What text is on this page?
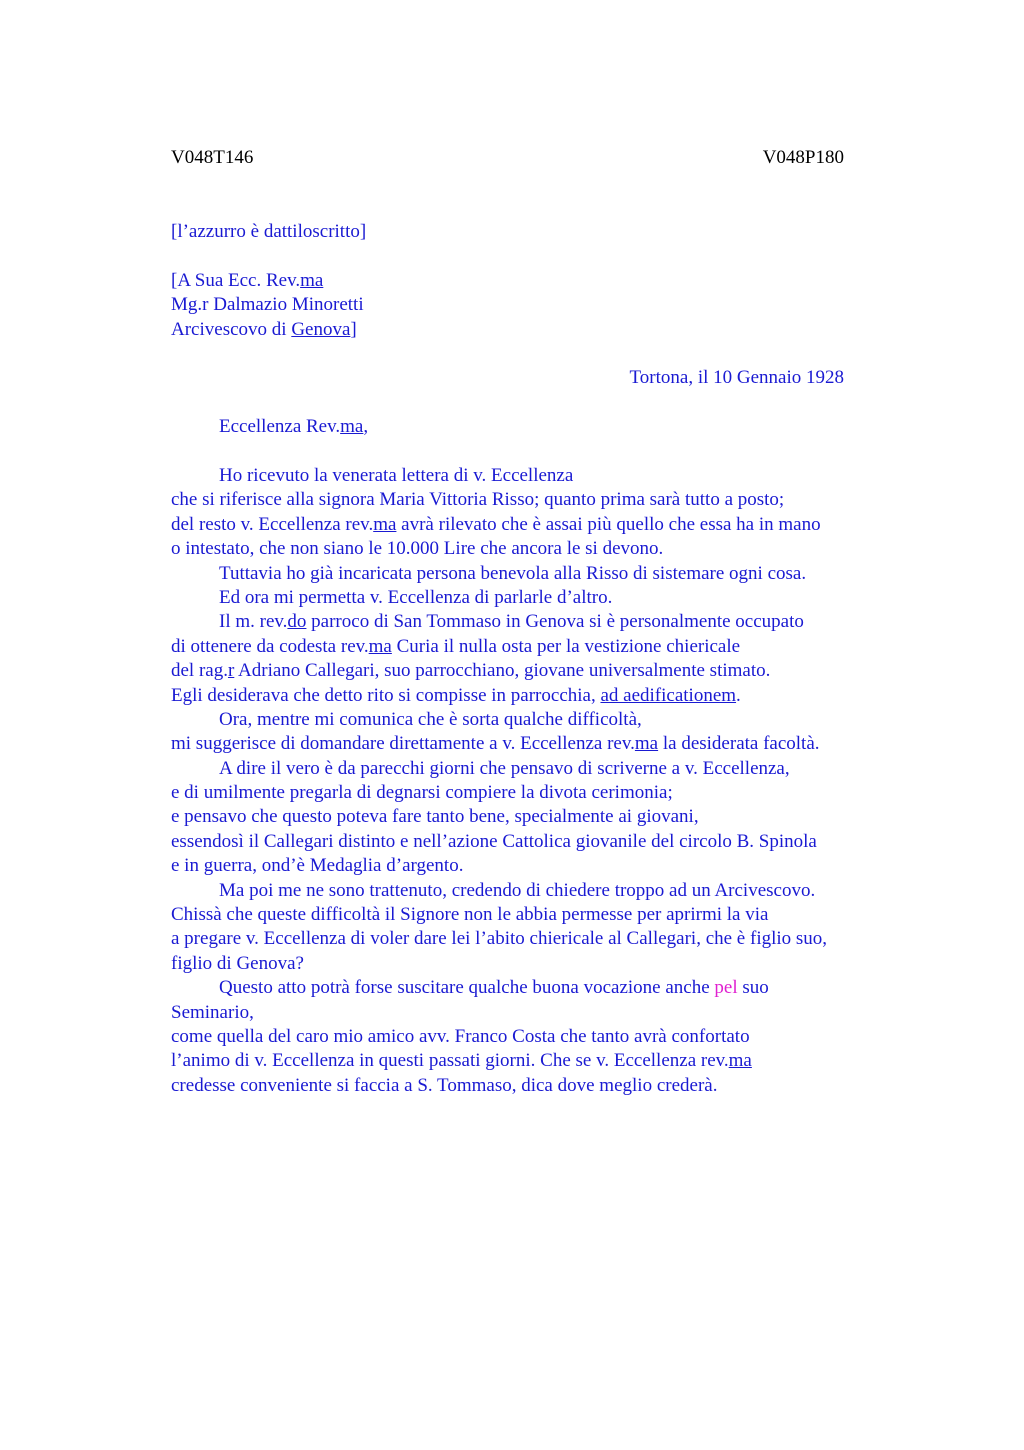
V048T146	V048P180
[l’azzurro è dattiloscritto]
[A Sua Ecc. Rev.ma
Mg.r Dalmazio Minoretti
Arcivescovo di Genova]
Tortona, il 10 Gennaio 1928
Eccellenza Rev.ma,
Ho ricevuto la venerata lettera di v. Eccellenza
che si riferisce alla signora Maria Vittoria Risso; quanto prima sarà tutto a posto;
del resto v. Eccellenza rev.ma avrà rilevato che è assai più quello che essa ha in mano
o intestato, che non siano le 10.000 Lire che ancora le si devono.
Tuttavia ho già incaricata persona benevola alla Risso di sistemare ogni cosa.
Ed ora mi permetta v. Eccellenza di parlarle d’altro.
Il m. rev.do parroco di San Tommaso in Genova si è personalmente occupato
di ottenere da codesta rev.ma Curia il nulla osta per la vestizione chiericale
del rag.r Adriano Callegari, suo parrocchiano, giovane universalmente stimato.
Egli desiderava che detto rito si compisse in parrocchia, ad aedificationem.
Ora, mentre mi comunica che è sorta qualche difficoltà,
mi suggerisce di domandare direttamente a v. Eccellenza rev.ma la desiderata facoltà.
A dire il vero è da parecchi giorni che pensavo di scriverne a v. Eccellenza,
e di umilmente pregarla di degnarsi compiere la divota cerimonia;
e pensavo che questo poteva fare tanto bene, specialmente ai giovani,
essendosì il Callegari distinto e nell’azione Cattolica giovanile del circolo B. Spinola
e in guerra, ond’è Medaglia d’argento.
Ma poi me ne sono trattenuto, credendo di chiedere troppo ad un Arcivescovo.
Chissà che queste difficoltà il Signore non le abbia permesse per aprirmi la via
a pregare v. Eccellenza di voler dare lei l’abito chiericale al Callegari, che è figlio suo,
figlio di Genova?
Questo atto potrà forse suscitare qualche buona vocazione anche pel suo
Seminario,
come quella del caro mio amico avv. Franco Costa che tanto avrà confortato
l’animo di v. Eccellenza in questi passati giorni. Che se v. Eccellenza rev.ma
credesse conveniente si faccia a S. Tommaso, dica dove meglio crederà.
